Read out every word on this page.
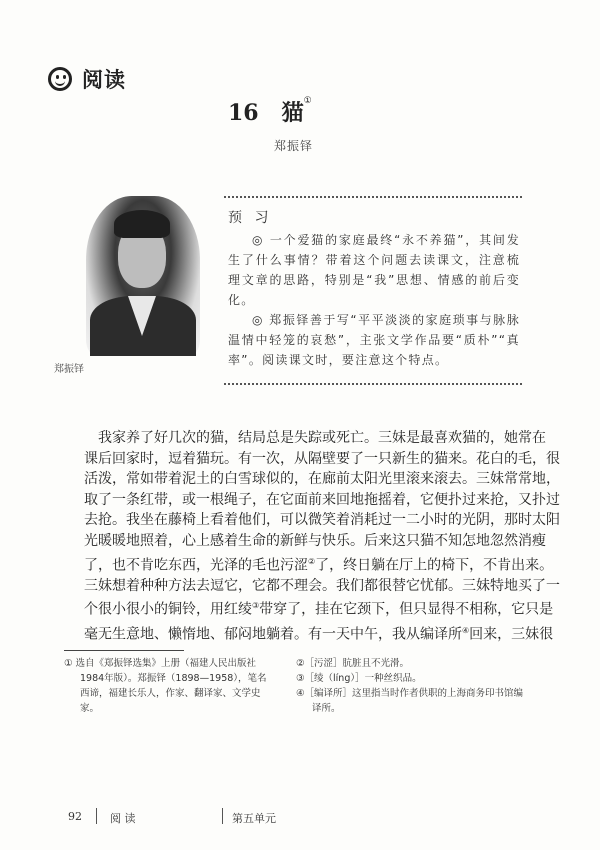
阅读
16 猫①
郑振铎
郑振铎
预 习

◎ 一个爱猫的家庭最终“永不养猫”，其间发生了什么事情？带着这个问题去读课文，注意梳理文章的思路，特别是“我”思想、情感的前后变化。

◎ 郑振铎善于写“平平淡淡的家庭琐事与脉脉温情中轻笼的哀愁”，主张文学作品要“质朴”“真率”。阅读课文时，要注意这个特点。

我家养了好几次的猫，结局总是失踪或死亡。三妹是最喜欢猫的，她常在
课后回家时，逗着猫玩。有一次，从隔壁要了一只新生的猫来。花白的毛，很
活泼，常如带着泥土的白雪球似的，在廊前太阳光里滚来滚去。三妹常常地，
取了一条红带，或一根绳子，在它面前来回地拖摇着，它便扑过来抢，又扑过
去抢。我坐在藤椅上看着他们，可以微笑着消耗过一二小时的光阴，那时太阳
光暖暖地照着，心上感着生命的新鲜与快乐。后来这只猫不知怎地忽然消瘦
了，也不肯吃东西，光泽的毛也污涩②了，终日躺在厅上的椅下，不肯出来。
三妹想着种种方法去逗它，它都不理会。我们都很替它忧郁。三妹特地买了一
个很小很小的铜铃，用红绫③带穿了，挂在它颈下，但只显得不相称，它只是
毫无生意地、懒惰地、郁闷地躺着。有一天中午，我从编译所④回来，三妹很
① 选自《郑振铎选集》上册（福建人民出版社1984年版）。郑振铎（1898—1958），笔名西谛，福建长乐人，作家、翻译家、文学史家。
②［污涩］肮脏且不光滑。
③［绫（líng）］一种丝织品。
④［编译所］这里指当时作者供职的上海商务印书馆编译所。
92	阅 读	第五单元
